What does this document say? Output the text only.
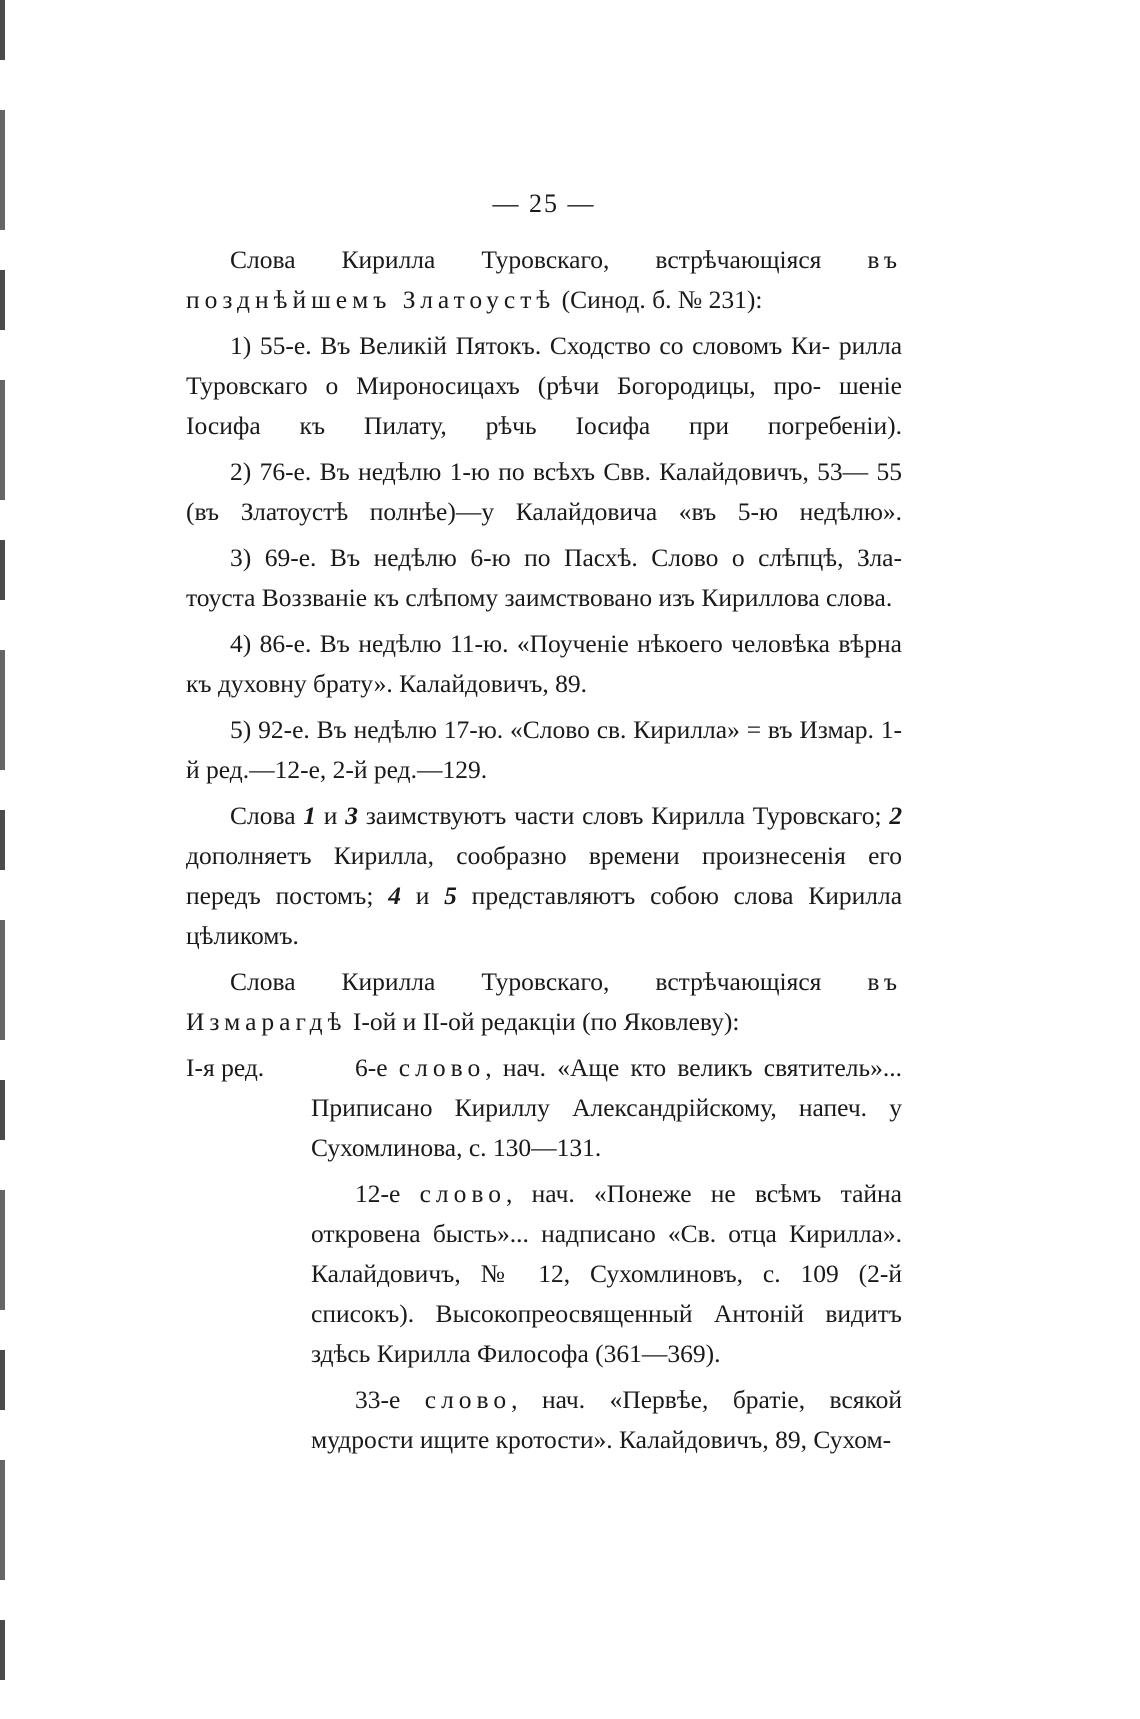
— 25 —

Слова Кирилла Туровскаго, встрѣчающіяся въ позднѣйшемъ Златоустѣ (Синод. б. № 231):

1) 55-е. Въ Великій Пятокъ. Сходство со словомъ Ки- рилла Туровскаго о Мироносицахъ (рѣчи Богородицы, про- шеніе Іосифа къ Пилату, рѣчь Іосифа при погребеніи).

2) 76-е. Въ недѣлю 1-ю по всѣхъ Свв. Калайдовичъ, 53— 55 (въ Златоустѣ полнѣе)—у Калайдовича «въ 5-ю недѣлю».

3) 69-е. Въ недѣлю 6-ю по Пасхѣ. Слово о слѣпцѣ, Зла- тоуста Воззваніе къ слѣпому заимствовано изъ Кириллова слова.

4) 86-е. Въ недѣлю 11-ю. «Поученіе нѣкоего человѣка вѣрна къ духовну брату». Калайдовичъ, 89.

5) 92-е. Въ недѣлю 17-ю. «Слово св. Кирилла» = въ Измар. 1-й ред.—12-е, 2-й ред.—129.

Слова 1 и 3 заимствуютъ части словъ Кирилла Туровскаго; 2 дополняетъ Кирилла, сообразно времени произнесенія его передъ постомъ; 4 и 5 представляютъ собою слова Кирилла цѣликомъ.

Слова Кирилла Туровскаго, встрѣчающіяся въ Измарагдѣ І-ой и ІІ-ой редакціи (по Яковлеву):

І-я ред.	6-е слово, нач. «Аще кто великъ святитель»... Приписано Кириллу Александрійскому, напеч. у Сухомлинова, с. 130—131.

12-е слово, нач. «Понеже не всѣмъ тайна откровена бысть»... надписано «Св. отца Кирилла». Калайдовичъ, № 12, Сухомлиновъ, с. 109 (2-й списокъ). Высокопреосвященный Антоній видитъ здѣсь Кирилла Философа (361—369).

33-е слово, нач. «Первѣе, братіе, всякой мудрости ищите кротости». Калайдовичъ, 89, Сухом-
